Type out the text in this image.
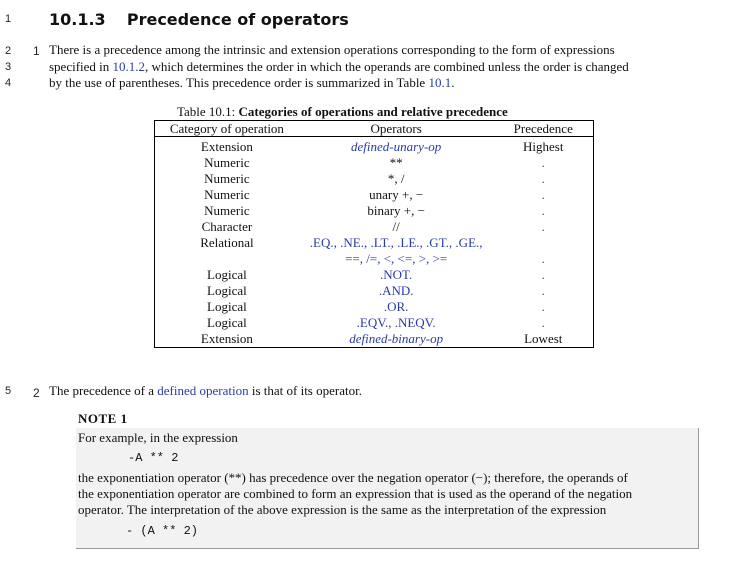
1
2
3
4
5
10.1.3 Precedence of operators
1 There is a precedence among the intrinsic and extension operations corresponding to the form of expressions

specified in 10.1.2, which determines the order in which the operands are combined unless the order is changed

by the use of parentheses. This precedence order is summarized in Table 10.1.

Table 10.1: Categories of operations and relative precedence
Category of operation	Operators	Precedence
Extension	defined-unary-op	Highest
Numeric	**	.
Numeric	*, /	.
Numeric	unary +, −	.
Numeric	binary +, −	.
Character	//	.
Relational	.EQ., .NE., .LT., .LE., .GT., .GE.,	
	==, /=, <, <=, >, >=	.
Logical	.NOT.	.
Logical	.AND.	.
Logical	.OR.	.
Logical	.EQV., .NEQV.	.
Extension	defined-binary-op	Lowest
2 The precedence of a defined operation is that of its operator.
NOTE 1
For example, in the expression
-A ** 2
the exponentiation operator (**) has precedence over the negation operator (−); therefore, the operands of
the exponentiation operator are combined to form an expression that is used as the operand of the negation
operator. The interpretation of the above expression is the same as the interpretation of the expression
- (A ** 2)
